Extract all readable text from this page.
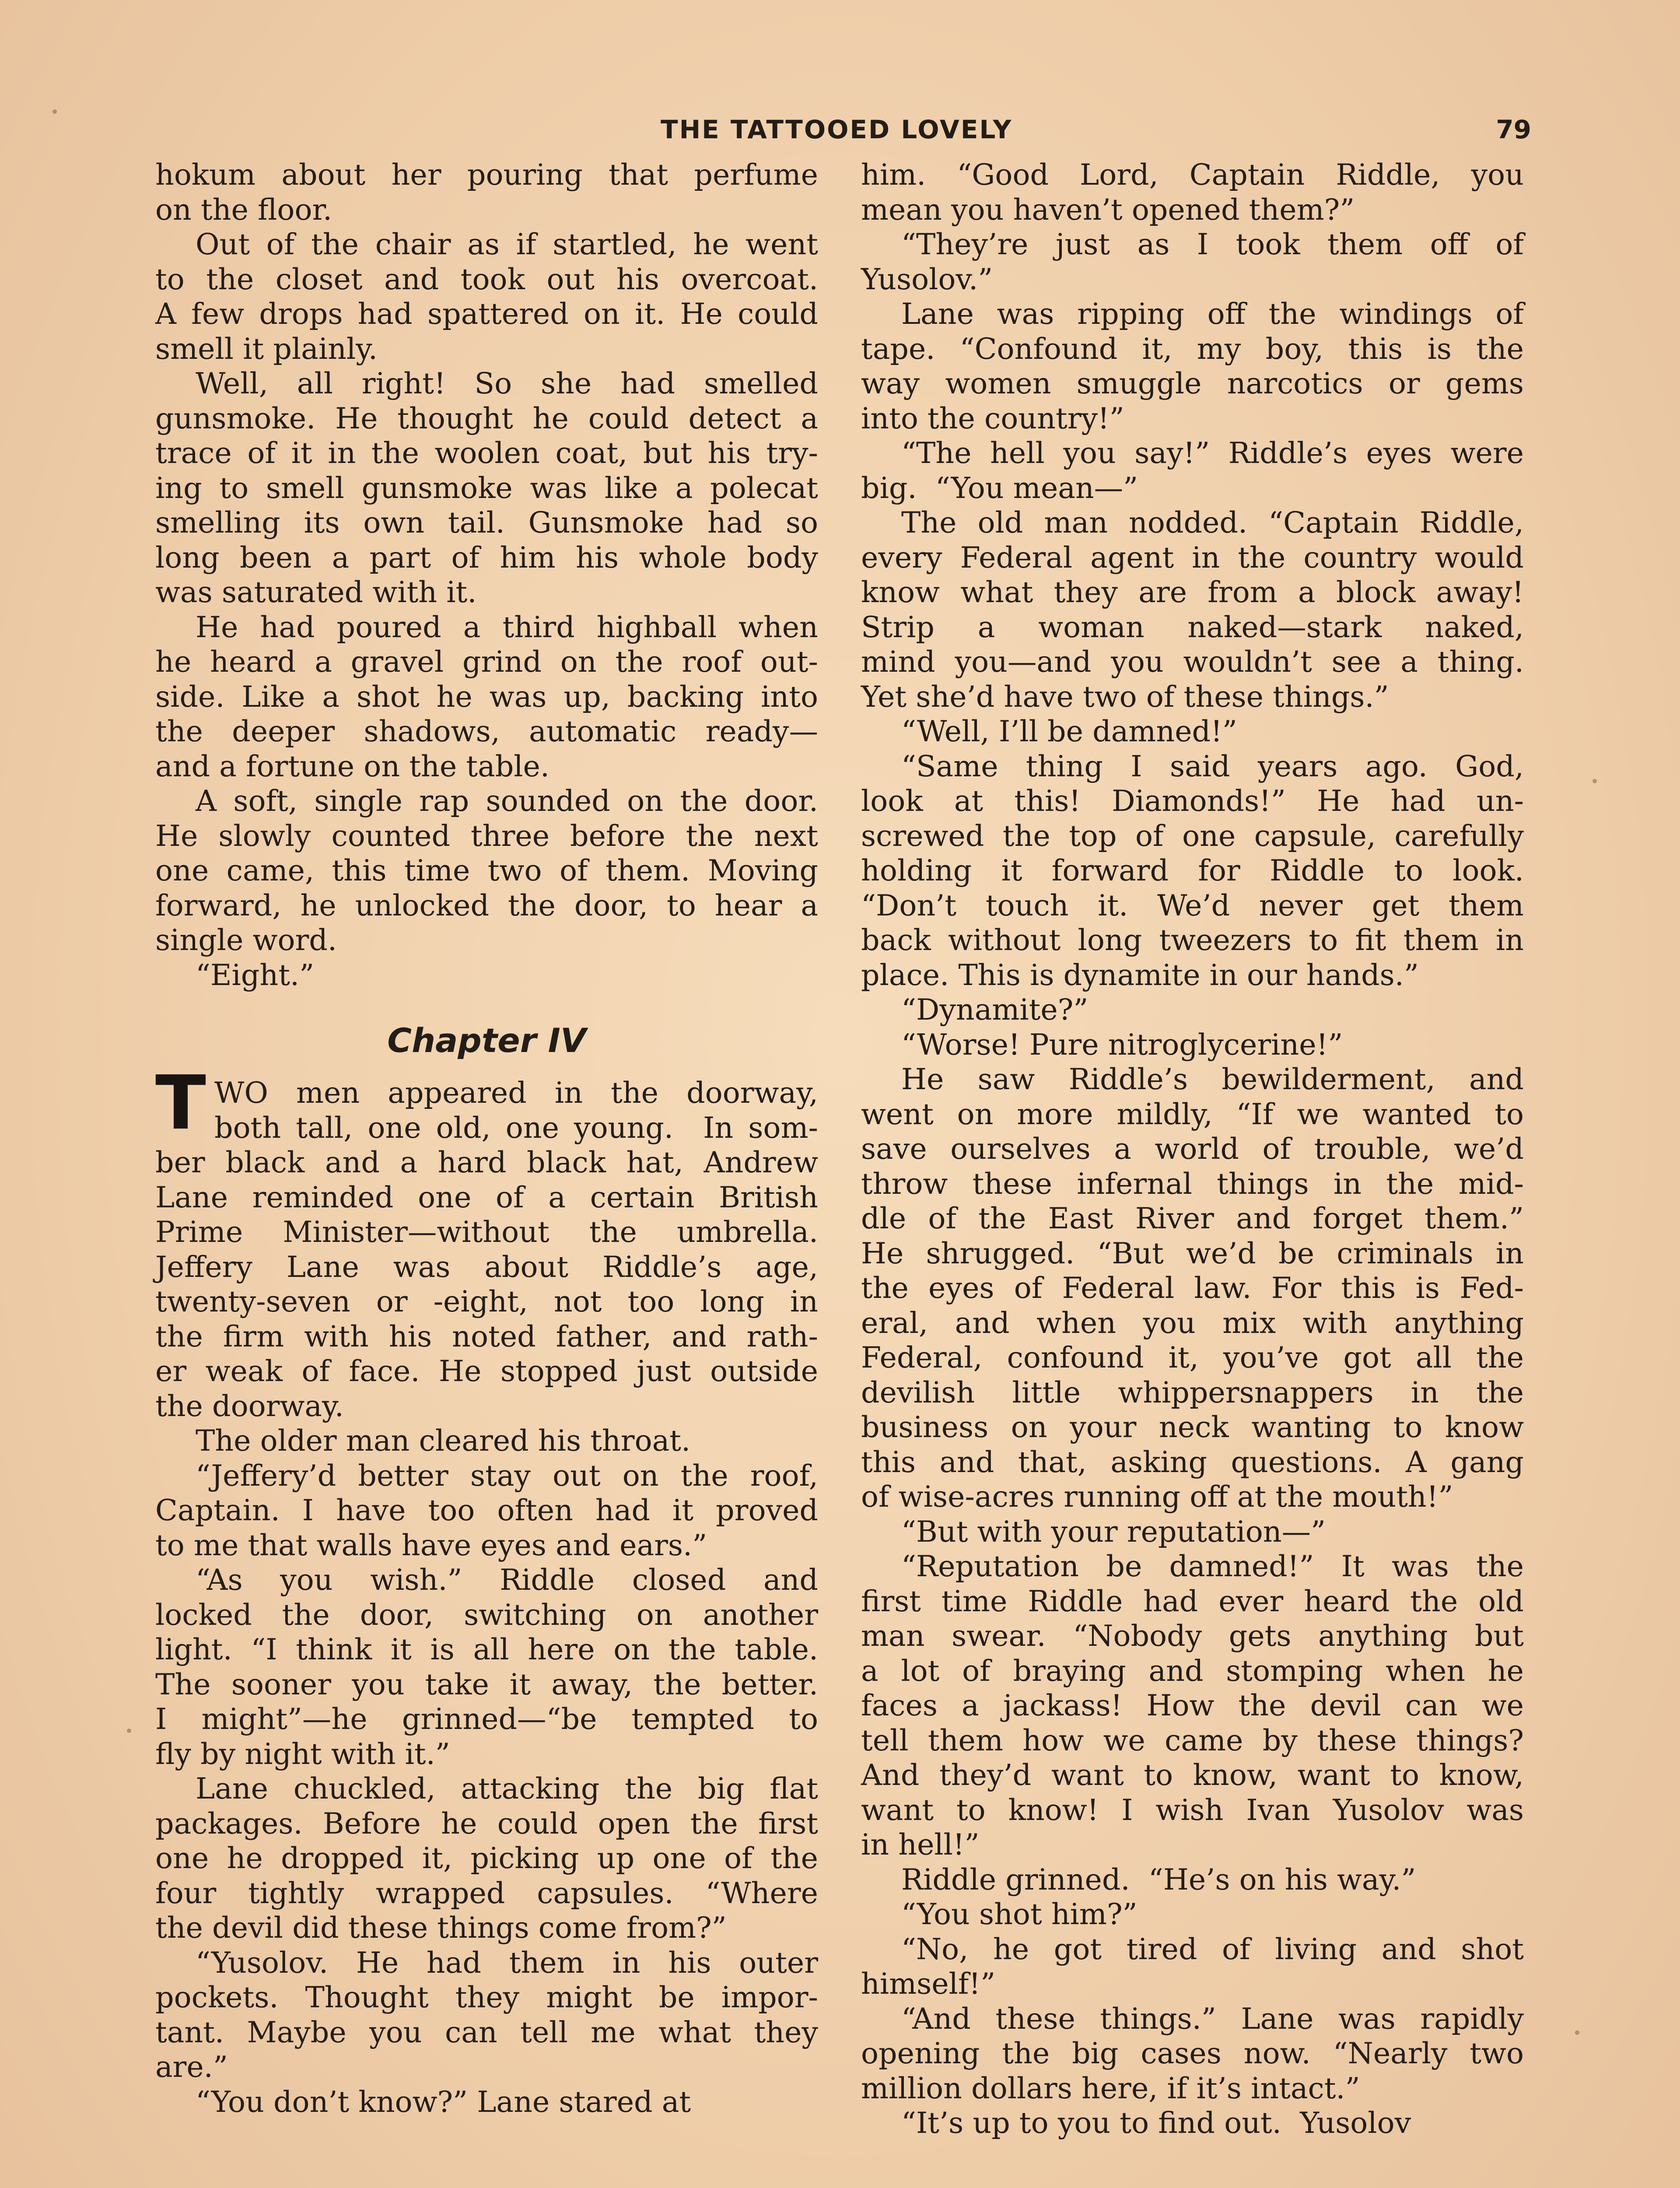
THE TATTOOED LOVELY	79
hokum about her pouring that perfume
on the floor.
Out of the chair as if startled, he went
to the closet and took out his overcoat.
A few drops had spattered on it. He could
smell it plainly.
Well, all right! So she had smelled
gunsmoke. He thought he could detect a
trace of it in the woolen coat, but his try-
ing to smell gunsmoke was like a polecat
smelling its own tail. Gunsmoke had so
long been a part of him his whole body
was saturated with it.
He had poured a third highball when
he heard a gravel grind on the roof out-
side. Like a shot he was up, backing into
the deeper shadows, automatic ready—
and a fortune on the table.
A soft, single rap sounded on the door.
He slowly counted three before the next
one came, this time two of them. Moving
forward, he unlocked the door, to hear a
single word.
“Eight.”
Chapter IV
T WO men appeared in the doorway,
both tall, one old, one young.  In som-
ber black and a hard black hat, Andrew
Lane reminded one of a certain British
Prime Minister—without the umbrella.
Jeffery Lane was about Riddle’s age,
twenty-seven or -eight, not too long in
the firm with his noted father, and rath-
er weak of face. He stopped just outside
the doorway.
The older man cleared his throat.
“Jeffery’d better stay out on the roof,
Captain. I have too often had it proved
to me that walls have eyes and ears.”
“As you wish.” Riddle closed and
locked the door, switching on another
light. “I think it is all here on the table.
The sooner you take it away, the better.
I might”—he grinned—“be tempted to
fly by night with it.”
Lane chuckled, attacking the big flat
packages. Before he could open the first
one he dropped it, picking up one of the
four tightly wrapped capsules. “Where
the devil did these things come from?”
“Yusolov. He had them in his outer
pockets. Thought they might be impor-
tant. Maybe you can tell me what they
are.”
“You don’t know?” Lane stared at
him. “Good Lord, Captain Riddle, you
mean you haven’t opened them?”
“They’re just as I took them off of
Yusolov.”
Lane was ripping off the windings of
tape. “Confound it, my boy, this is the
way women smuggle narcotics or gems
into the country!”
“The hell you say!” Riddle’s eyes were
big.  “You mean—”
The old man nodded. “Captain Riddle,
every Federal agent in the country would
know what they are from a block away!
Strip a woman naked—stark naked,
mind you—and you wouldn’t see a thing.
Yet she’d have two of these things.”
“Well, I’ll be damned!”
“Same thing I said years ago. God,
look at this! Diamonds!” He had un-
screwed the top of one capsule, carefully
holding it forward for Riddle to look.
“Don’t touch it. We’d never get them
back without long tweezers to fit them in
place. This is dynamite in our hands.”
“Dynamite?”
“Worse! Pure nitroglycerine!”
He saw Riddle’s bewilderment, and
went on more mildly, “If we wanted to
save ourselves a world of trouble, we’d
throw these infernal things in the mid-
dle of the East River and forget them.”
He shrugged. “But we’d be criminals in
the eyes of Federal law. For this is Fed-
eral, and when you mix with anything
Federal, confound it, you’ve got all the
devilish little whippersnappers in the
business on your neck wanting to know
this and that, asking questions. A gang
of wise-acres running off at the mouth!”
“But with your reputation—”
“Reputation be damned!” It was the
first time Riddle had ever heard the old
man swear. “Nobody gets anything but
a lot of braying and stomping when he
faces a jackass! How the devil can we
tell them how we came by these things?
And they’d want to know, want to know,
want to know! I wish Ivan Yusolov was
in hell!”
Riddle grinned.  “He’s on his way.”
“You shot him?”
“No, he got tired of living and shot
himself!”
“And these things.” Lane was rapidly
opening the big cases now. “Nearly two
million dollars here, if it’s intact.”
“It’s up to you to find out.  Yusolov
